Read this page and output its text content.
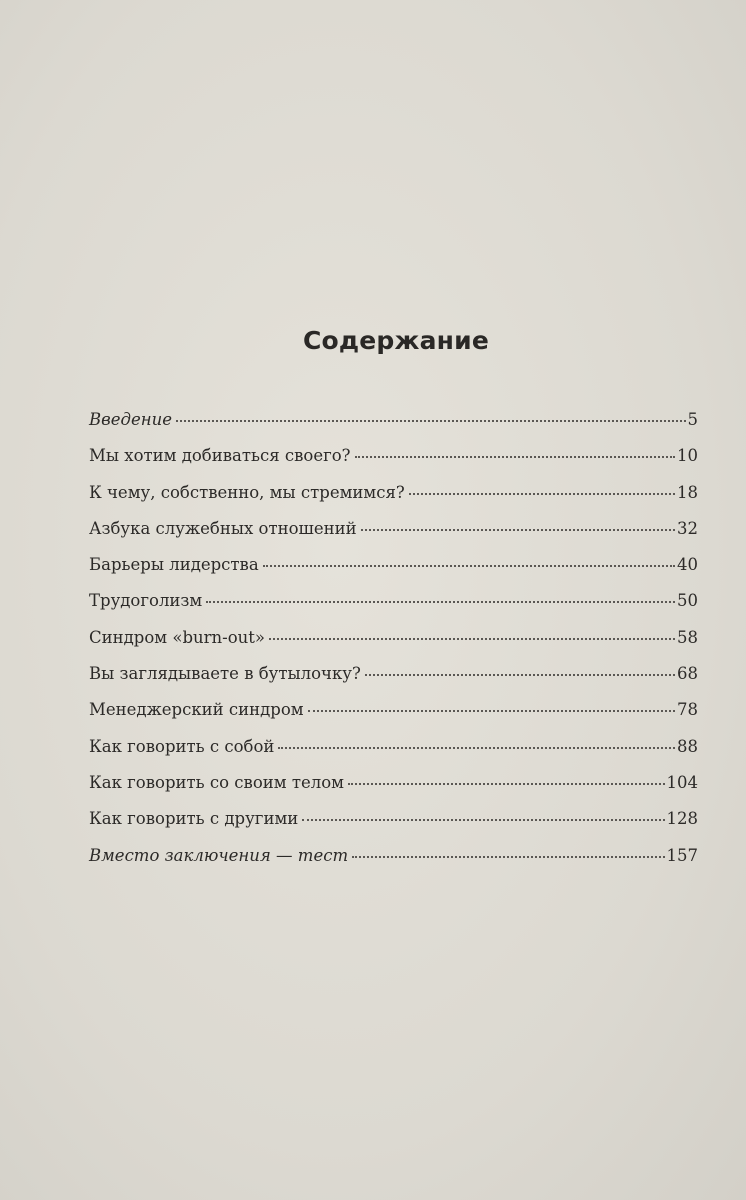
Содержание
Введение	5
Мы хотим добиваться своего?	10
К чему, собственно, мы стремимся?	18
Азбука служебных отношений	32
Барьеры лидерства	40
Трудоголизм	50
Синдром «burn-out»	58
Вы заглядываете в бутылочку?	68
Менеджерский синдром	78
Как говорить с собой	88
Как говорить со своим телом	104
Как говорить с другими	128
Вместо заключения — тест	157
